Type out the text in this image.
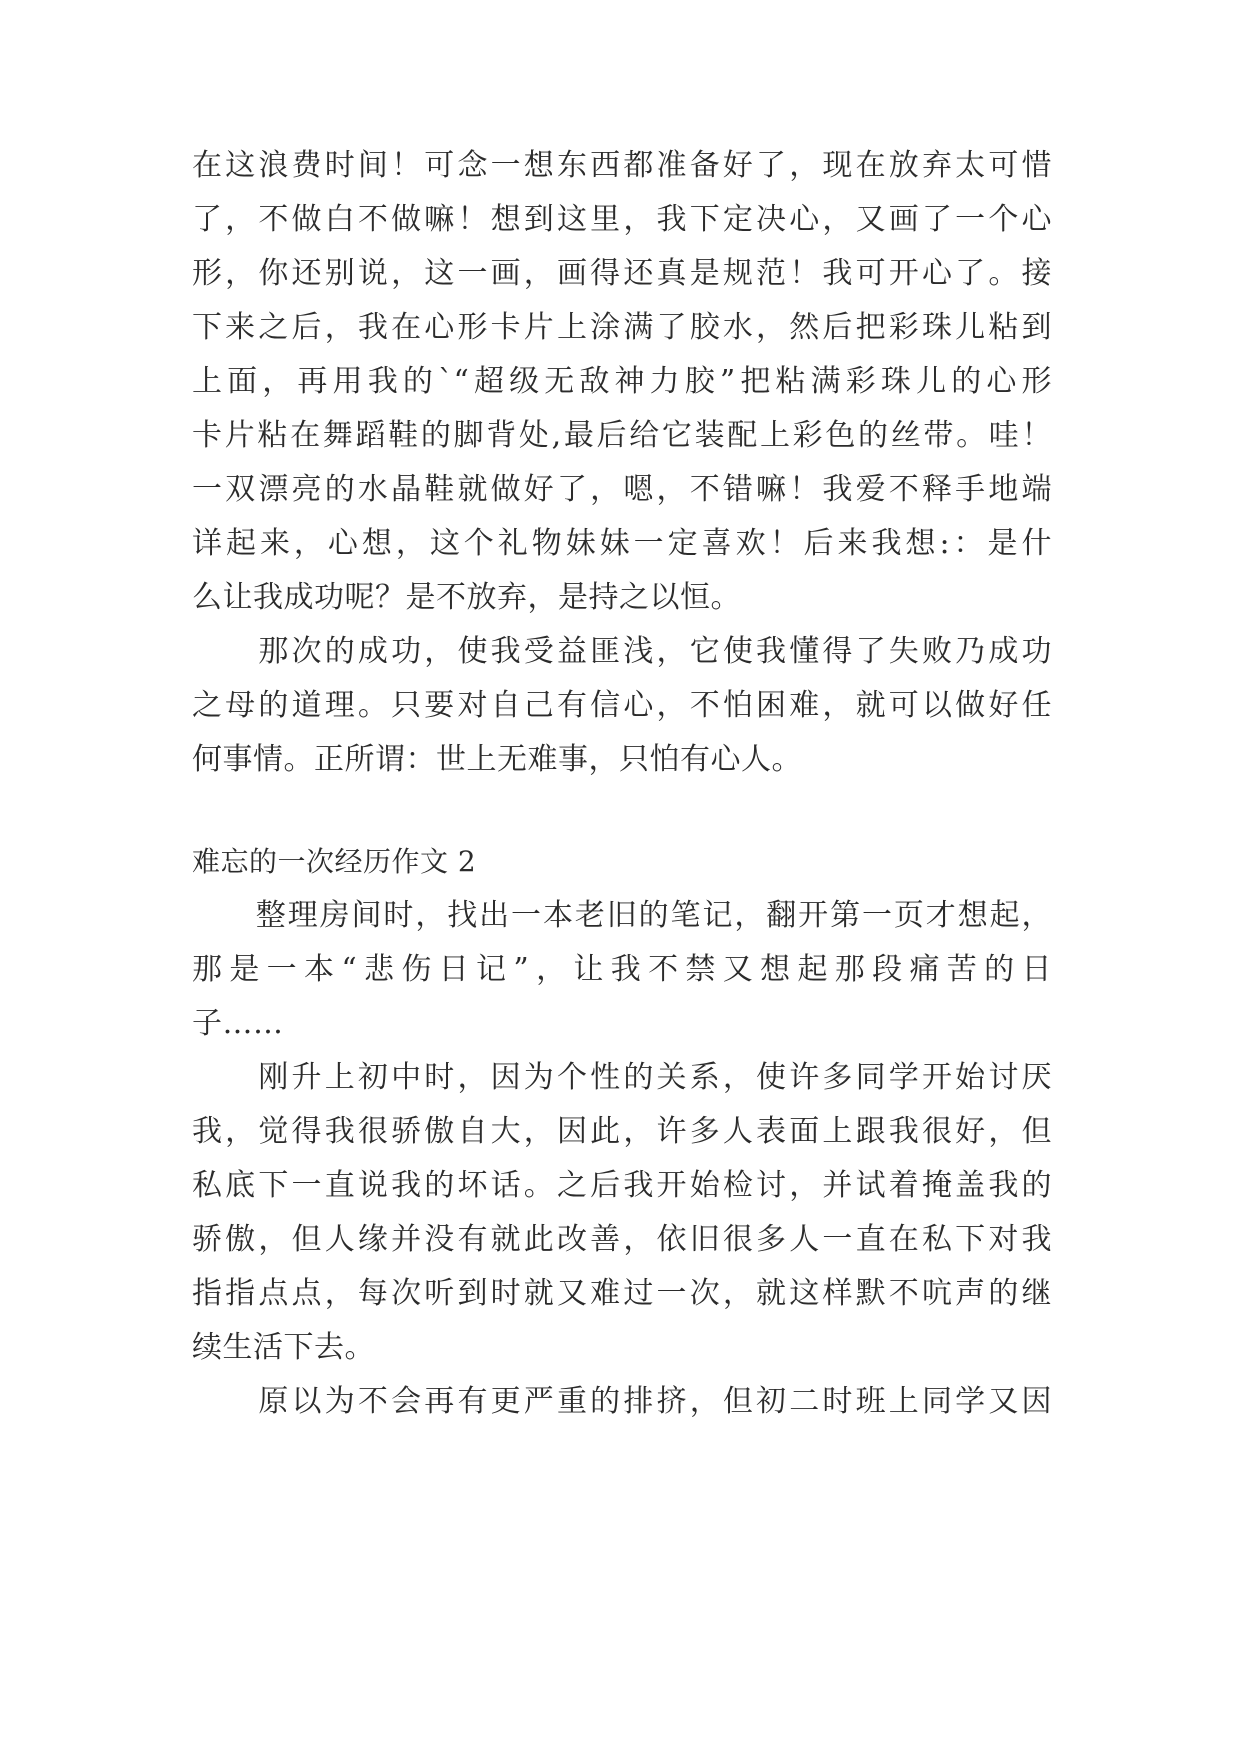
在这浪费时间！可念一想东西都准备好了，现在放弃太可惜
了，不做白不做嘛！想到这里，我下定决心，又画了一个心
形，你还别说，这一画，画得还真是规范！我可开心了。接
下来之后，我在心形卡片上涂满了胶水，然后把彩珠儿粘到
上面，再用我的`“超级无敌神力胶”把粘满彩珠儿的心形
卡片粘在舞蹈鞋的脚背处,最后给它装配上彩色的丝带。哇！
一双漂亮的水晶鞋就做好了，嗯，不错嘛！我爱不释手地端
详起来，心想，这个礼物妹妹一定喜欢！后来我想:：是什
么让我成功呢？是不放弃，是持之以恒。
　　那次的成功，使我受益匪浅，它使我懂得了失败乃成功
之母的道理。只要对自己有信心，不怕困难，就可以做好任
何事情。正所谓：世上无难事，只怕有心人。
难忘的一次经历作文 2
　　整理房间时，找出一本老旧的笔记，翻开第一页才想起，
那是一本“悲伤日记”，让我不禁又想起那段痛苦的日
子……
　　刚升上初中时，因为个性的关系，使许多同学开始讨厌
我，觉得我很骄傲自大，因此，许多人表面上跟我很好，但
私底下一直说我的坏话。之后我开始检讨，并试着掩盖我的
骄傲，但人缘并没有就此改善，依旧很多人一直在私下对我
指指点点，每次听到时就又难过一次，就这样默不吭声的继
续生活下去。
　　原以为不会再有更严重的排挤，但初二时班上同学又因
